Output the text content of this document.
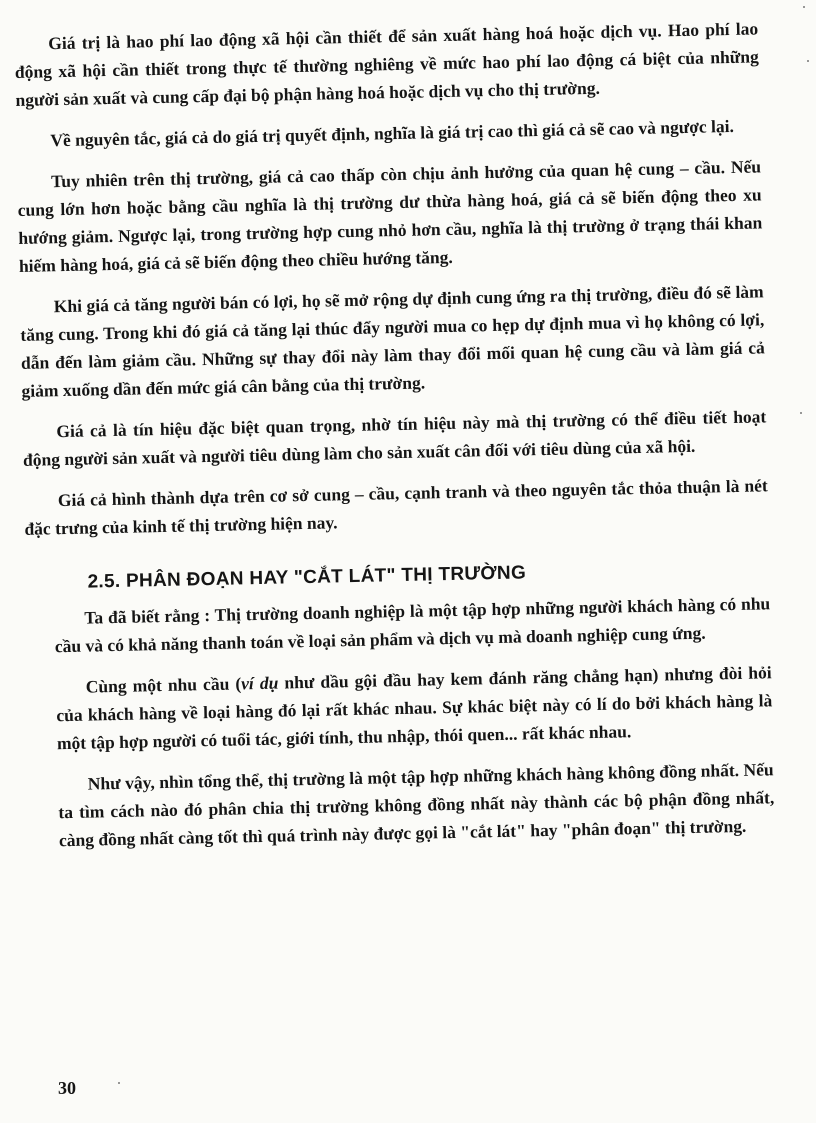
Giá trị là hao phí lao động xã hội cần thiết để sản xuất hàng hoá hoặc dịch vụ. Hao phí lao động xã hội cần thiết trong thực tế thường nghiêng về mức hao phí lao động cá biệt của những người sản xuất và cung cấp đại bộ phận hàng hoá hoặc dịch vụ cho thị trường.

Về nguyên tắc, giá cả do giá trị quyết định, nghĩa là giá trị cao thì giá cả sẽ cao và ngược lại.

Tuy nhiên trên thị trường, giá cả cao thấp còn chịu ảnh hưởng của quan hệ cung – cầu. Nếu cung lớn hơn hoặc bằng cầu nghĩa là thị trường dư thừa hàng hoá, giá cả sẽ biến động theo xu hướng giảm. Ngược lại, trong trường hợp cung nhỏ hơn cầu, nghĩa là thị trường ở trạng thái khan hiếm hàng hoá, giá cả sẽ biến động theo chiều hướng tăng.

Khi giá cả tăng người bán có lợi, họ sẽ mở rộng dự định cung ứng ra thị trường, điều đó sẽ làm tăng cung. Trong khi đó giá cả tăng lại thúc đẩy người mua co hẹp dự định mua vì họ không có lợi, dẫn đến làm giảm cầu. Những sự thay đổi này làm thay đổi mối quan hệ cung cầu và làm giá cả giảm xuống dần đến mức giá cân bằng của thị trường.

Giá cả là tín hiệu đặc biệt quan trọng, nhờ tín hiệu này mà thị trường có thể điều tiết hoạt động người sản xuất và người tiêu dùng làm cho sản xuất cân đối với tiêu dùng của xã hội.

Giá cả hình thành dựa trên cơ sở cung – cầu, cạnh tranh và theo nguyên tắc thỏa thuận là nét đặc trưng của kinh tế thị trường hiện nay.

2.5. PHÂN ĐOẠN HAY "CẮT LÁT" THỊ TRƯỜNG

Ta đã biết rằng : Thị trường doanh nghiệp là một tập hợp những người khách hàng có nhu cầu và có khả năng thanh toán về loại sản phẩm và dịch vụ mà doanh nghiệp cung ứng.

Cùng một nhu cầu (ví dụ như dầu gội đầu hay kem đánh răng chẳng hạn) nhưng đòi hỏi của khách hàng về loại hàng đó lại rất khác nhau. Sự khác biệt này có lí do bởi khách hàng là một tập hợp người có tuổi tác, giới tính, thu nhập, thói quen... rất khác nhau.

Như vậy, nhìn tổng thể, thị trường là một tập hợp những khách hàng không đồng nhất. Nếu ta tìm cách nào đó phân chia thị trường không đồng nhất này thành các bộ phận đồng nhất, càng đồng nhất càng tốt thì quá trình này được gọi là "cắt lát" hay "phân đoạn" thị trường.

30
